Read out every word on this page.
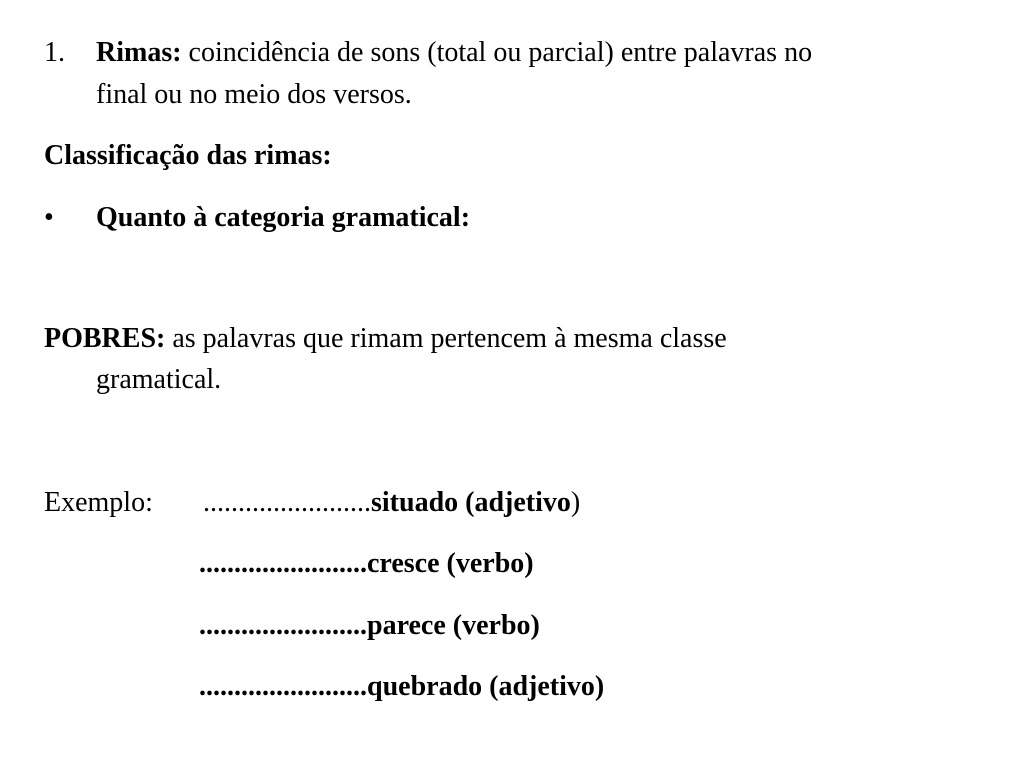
1. Rimas: coincidência de sons (total ou parcial) entre palavras no
final ou no meio dos versos.
Classificação das rimas:
• Quanto à categoria gramatical:
POBRES: as palavras que rimam pertencem à mesma classe
gramatical.
Exemplo: ........................situado (adjetivo)
........................cresce (verbo)
........................parece (verbo)
........................quebrado (adjetivo)
